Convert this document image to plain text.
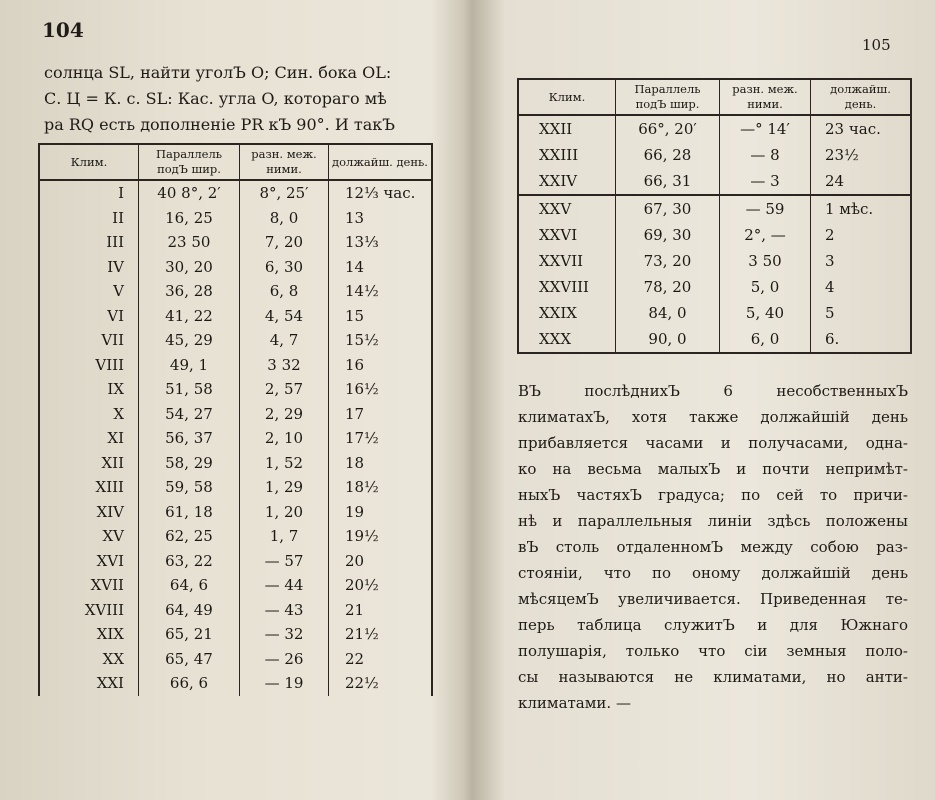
104
солнца SL, найти уголЪ O; Син. бока OL:
С. Ц = К. с. SL: Кас. угла O, котораго мѣ
ра RQ есть дополненіе PR кЪ 90°. И такЪ
Клим.	Параллель подЪ шир.	разн. меж. ними.	должайш. день.
I	40 8°, 2′	8°, 25′	12⅓ час.
II	16, 25	8, 0	13
III	23 50	7, 20	13⅓
IV	30, 20	6, 30	14
V	36, 28	6, 8	14½
VI	41, 22	4, 54	15
VII	45, 29	4, 7	15½
VIII	49, 1	3 32	16
IX	51, 58	2, 57	16½
X	54, 27	2, 29	17
XI	56, 37	2, 10	17½
XII	58, 29	1, 52	18
XIII	59, 58	1, 29	18½
XIV	61, 18	1, 20	19
XV	62, 25	1, 7	19½
XVI	63, 22	— 57	20
XVII	64, 6	— 44	20½
XVIII	64, 49	— 43	21
XIX	65, 21	— 32	21½
XX	65, 47	— 26	22
XXI	66, 6	— 19	22½
105
Клим.	Параллель подЪ шир.	разн. меж. ними.	должайш. день.
XXII	66°, 20′	—° 14′	23 час.
XXIII	66, 28	— 8	23½
XXIV	66, 31	— 3	24
XXV	67, 30	— 59	1 мѣс.
XXVI	69, 30	2°, —	2
XXVII	73, 20	3 50	3
XXVIII	78, 20	5, 0	4
XXIX	84, 0	5, 40	5
XXX	90, 0	6, 0	6.
ВЪ послѣднихЪ 6 несобственныхЪ
климатахЪ, хотя также должайшій день
прибавляется часами и получасами, одна-
ко на весьма малыхЪ и почти непримѣт-
ныхЪ частяхЪ градуса; по сей то причи-
нѣ и параллельныя линіи здѣсь положены
вЪ столь отдаленномЪ между собою раз-
стояніи, что по оному должайшій день
мѣсяцемЪ увеличивается. Приведенная те-
перь таблица служитЪ и для Южнаго
полушарія, только что сіи земныя поло-
сы называются не климатами, но анти-
климатами. —
